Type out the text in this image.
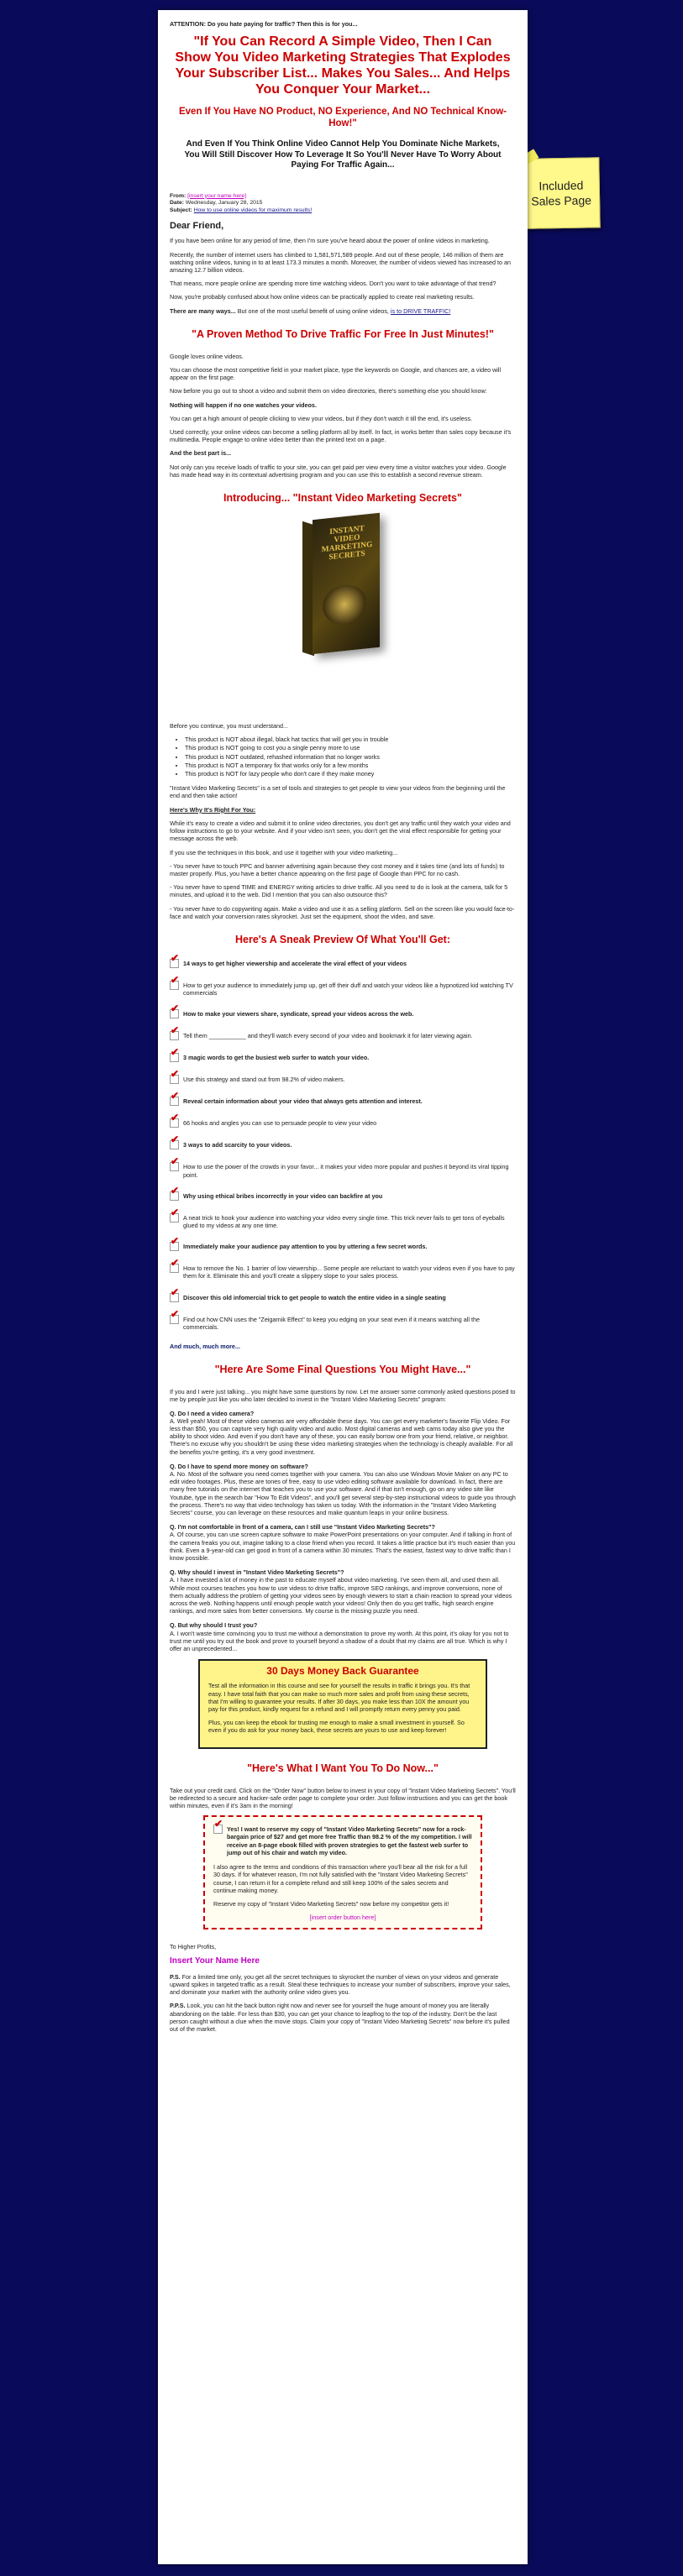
Included Sales Page

ATTENTION: Do you hate paying for traffic? Then this is for you...

"If You Can Record A Simple Video, Then I Can Show You Video Marketing Strategies That Explodes Your Subscriber List... Makes You Sales... And Helps You Conquer Your Market...
Even If You Have NO Product, NO Experience, And NO Technical Know-How!"
And Even If You Think Online Video Cannot Help You Dominate Niche Markets, You Will Still Discover How To Leverage It So You'll Never Have To Worry About Paying For Traffic Again...
From: [insert your name here]
Date: Wednesday, January 28, 2015
Subject: How to use online videos for maximum results!
Dear Friend,

If you have been online for any period of time, then I'm sure you've heard about the power of online videos in marketing.

Recently, the number of internet users has climbed to 1,581,571,589 people. And out of these people, 146 million of them are watching online videos, tuning in to at least 173.3 minutes a month. Moreover, the number of videos viewed has increased to an amazing 12.7 billion videos.

That means, more people online are spending more time watching videos. Don't you want to take advantage of that trend?

Now, you're probably confused about how online videos can be practically applied to create real marketing results.

There are many ways... But one of the most useful benefit of using online videos, is to DRIVE TRAFFIC!

"A Proven Method To Drive Traffic For Free In Just Minutes!"

Google loves online videos.

You can choose the most competitive field in your market place, type the keywords on Google, and chances are, a video will appear on the first page.

Now before you go out to shoot a video and submit them on video directories, there's something else you should know:

Nothing will happen if no one watches your videos.

You can get a high amount of people clicking to view your videos, but if they don't watch it till the end, it's useless.

Used correctly, your online videos can become a selling platform all by itself. In fact, in works better than sales copy because it's multimedia. People engage to online video better than the printed text on a page.

And the best part is...

Not only can you receive loads of traffic to your site, you can get paid per view every time a visitor watches your video. Google has made head way in its contextual advertising program and you can use this to establish a second revenue stream.

Introducing... "Instant Video Marketing Secrets"
INSTANT VIDEO MARKETING SECRETS

Before you continue, you must understand...

• This product is NOT about illegal, black hat tactics that will get you in trouble
• This product is NOT going to cost you a single penny more to use
• This product is NOT outdated, rehashed information that no longer works
• This product is NOT a temporary fix that works only for a few months
• This product is NOT for lazy people who don't care if they make money

"Instant Video Marketing Secrets" is a set of tools and strategies to get people to view your videos from the beginning until the end and then take action!

Here's Why It's Right For You:

While it's easy to create a video and submit it to online video directories, you don't get any traffic until they watch your video and follow instructions to go to your website. And if your video isn't seen, you don't get the viral effect responsible for getting your message across the web.

If you use the techniques in this book, and use it together with your video marketing...

- You never have to touch PPC and banner advertising again because they cost money and it takes time (and lots of funds) to master properly. Plus, you have a better chance appearing on the first page of Google than PPC for no cash.

- You never have to spend TIME and ENERGY writing articles to drive traffic. All you need to do is look at the camera, talk for 5 minutes, and upload it to the web. Did I mention that you can also outsource this?

- You never have to do copywriting again. Make a video and use it as a selling platform. Sell on the screen like you would face-to-face and watch your conversion rates skyrocket. Just set the equipment, shoot the video, and save.

Here's A Sneak Preview Of What You'll Get:
✔
14 ways to get higher viewership and accelerate the viral effect of your videos
✔
How to get your audience to immediately jump up, get off their duff and watch your videos like a hypnotized kid watching TV commercials
✔
How to make your viewers share, syndicate, spread your videos across the web.
✔
Tell them ___________ and they'll watch every second of your video and bookmark it for later viewing again.
✔
3 magic words to get the busiest web surfer to watch your video.
✔
Use this strategy and stand out from 98.2% of video makers.
✔
Reveal certain information about your video that always gets attention and interest.
✔
66 hooks and angles you can use to persuade people to view your video
✔
3 ways to add scarcity to your videos.
✔
How to use the power of the crowds in your favor... it makes your video more popular and pushes it beyond its viral tipping point.
✔
Why using ethical bribes incorrectly in your video can backfire at you
✔
A neat trick to hook your audience into watching your video every single time. This trick never fails to get tons of eyeballs glued to my videos at any one time.
✔
Immediately make your audience pay attention to you by uttering a few secret words.
✔
How to remove the No. 1 barrier of low viewership... Some people are reluctant to watch your videos even if you have to pay them for it. Eliminate this and you'll create a slippery slope to your sales process.
✔
Discover this old infomercial trick to get people to watch the entire video in a single seating
✔
Find out how CNN uses the "Zeigarnik Effect" to keep you edging on your seat even if it means watching all the commercials.

And much, much more...

"Here Are Some Final Questions You Might Have..."

If you and I were just talking... you might have some questions by now. Let me answer some commonly asked questions posed to me by people just like you who later decided to invest in the "Instant Video Marketing Secrets" program:

Q. Do I need a video camera?
A. Well yeah! Most of these video cameras are very affordable these days. You can get every marketer's favorite Flip Video. For less than $50, you can capture very high quality video and audio. Most digital cameras and web cams today also give you the ability to shoot video. And even if you don't have any of these, you can easily borrow one from your friend, relative, or neighbor. There's no excuse why you shouldn't be using these video marketing strategies when the technology is cheaply available. For all the benefits you're getting, it's a very good investment.
Q. Do I have to spend more money on software?
A. No. Most of the software you need comes together with your camera. You can also use Windows Movie Maker on any PC to edit video footages. Plus, these are tones of free, easy to use video editing software available for download. In fact, there are many free tutorials on the internet that teaches you to use your software. And if that isn't enough, go on any video site like Youtube, type in the search bar "How To Edit Videos", and you'll get several step-by-step instructional videos to guide you through the process. There's no way that video technology has taken us today. With the information in the "Instant Video Marketing Secrets" course, you can leverage on these resources and make quantum leaps in your online business.
Q. I'm not comfortable in front of a camera, can I still use "Instant Video Marketing Secrets"?
A. Of course, you can use screen capture software to make PowerPoint presentations on your computer. And if talking in front of the camera freaks you out, imagine talking to a close friend when you record. It takes a little practice but it's much easier than you think. Even a 9-year-old can get good in front of a camera within 30 minutes. That's the easiest, fastest way to drive traffic than I know possible.
Q. Why should I invest in "Instant Video Marketing Secrets"?
A. I have invested a lot of money in the past to educate myself about video marketing. I've seen them all, and used them all. While most courses teaches you how to use videos to drive traffic, improve SEO rankings, and improve conversions, none of them actually address the problem of getting your videos seen by enough viewers to start a chain reaction to spread your videos across the web. Nothing happens until enough people watch your videos! Only then do you get traffic, high search engine rankings, and more sales from better conversions. My course is the missing puzzle you need.
Q. But why should I trust you?
A. I won't waste time convincing you to trust me without a demonstration to prove my worth. At this point, it's okay for you not to trust me until you try out the book and prove to yourself beyond a shadow of a doubt that my claims are all true. Which is why I offer an unprecedented...
30 Days Money Back Guarantee

Test all the information in this course and see for yourself the results in traffic it brings you. It's that easy. I have total faith that you can make so much more sales and profit from using these secrets, that I'm willing to guarantee your results. If after 30 days, you make less than 10X the amount you pay for this product, kindly request for a refund and I will promptly return every penny you paid.

Plus, you can keep the ebook for trusting me enough to make a small investment in yourself. So even if you do ask for your money back, these secrets are yours to use and keep forever!

"Here's What I Want You To Do Now..."

Take out your credit card. Click on the "Order Now" button below to invest in your copy of "Instant Video Marketing Secrets". You'll be redirected to a secure and hacker-safe order page to complete your order. Just follow instructions and you can get the book within minutes, even if it's 3am in the morning!

✔
Yes! I want to reserve my copy of "Instant Video Marketing Secrets" now for a rock-bargain price of $27 and get more free Traffic than 98.2 % of the my competition. I will receive an 8-page ebook filled with proven strategies to get the fastest web surfer to jump out of his chair and watch my video.

I also agree to the terms and conditions of this transaction where you'll bear all the risk for a full 30 days. If for whatever reason, I'm not fully satisfied with the "Instant Video Marketing Secrets" course, I can return it for a complete refund and still keep 100% of the sales secrets and continue making money.

Reserve my copy of "Instant Video Marketing Secrets" now before my competitor gets it!

[insert order button here]

To Higher Profits,

Insert Your Name Here

P.S. For a limited time only, you get all the secret techniques to skyrocket the number of views on your videos and generate upward spikes in targeted traffic as a result. Steal these techniques to increase your number of subscribers, improve your sales, and dominate your market with the authority online video gives you.

P.P.S. Look, you can hit the back button right now and never see for yourself the huge amount of money you are literally abandoning on the table. For less than $30, you can get your chance to leapfrog to the top of the industry. Don't be the last person caught without a clue when the movie stops. Claim your copy of "Instant Video Marketing Secrets" now before it's pulled out of the market.
